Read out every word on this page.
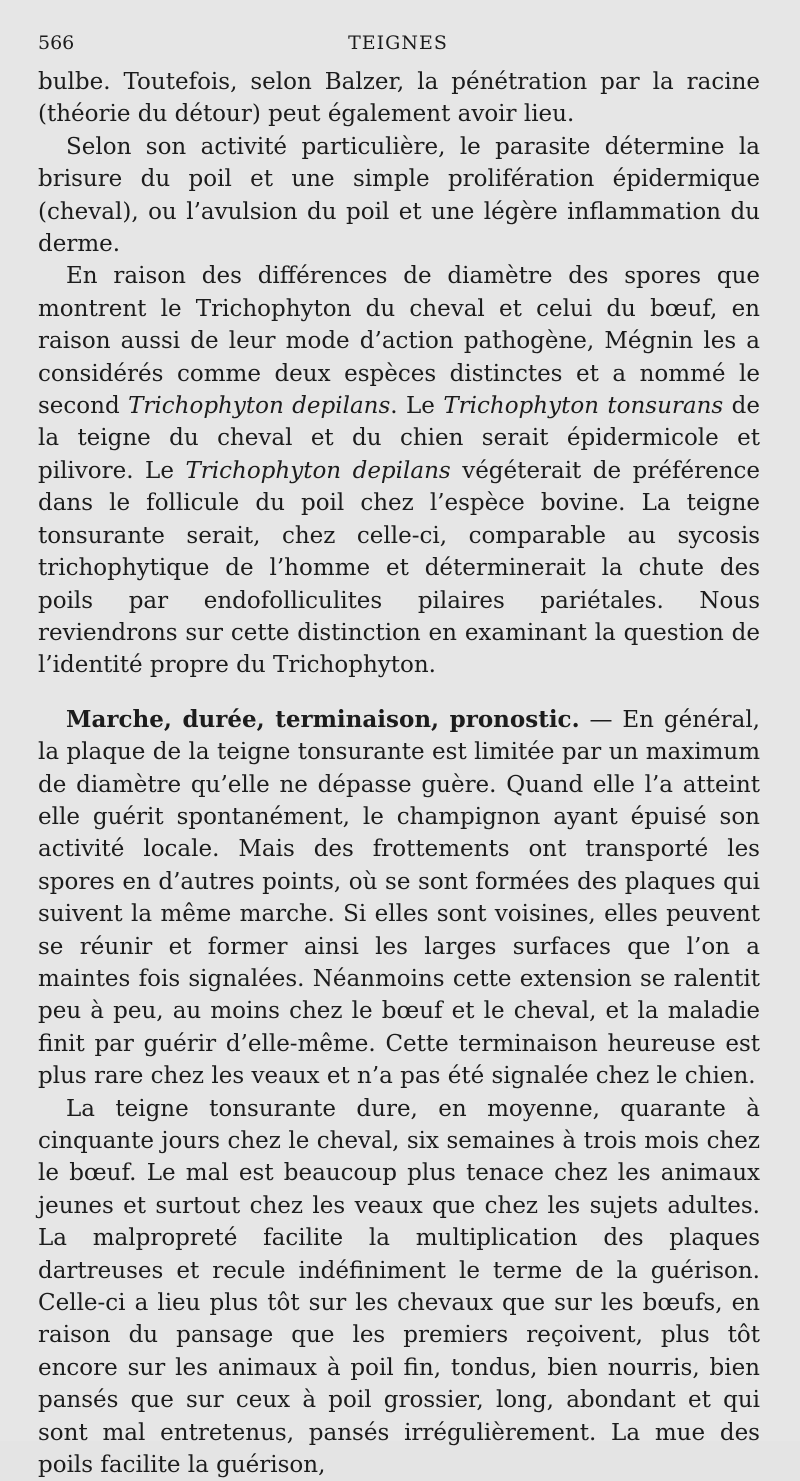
566	TEIGNES

bulbe. Toutefois, selon Balzer, la pénétration par la racine (théorie du détour) peut également avoir lieu.

Selon son activité particulière, le parasite détermine la brisure du poil et une simple prolifération épidermique (cheval), ou l’avulsion du poil et une légère inflammation du derme.

En raison des différences de diamètre des spores que montrent le Trichophyton du cheval et celui du bœuf, en raison aussi de leur mode d’action pathogène, Mégnin les a considérés comme deux espèces distinctes et a nommé le second Trichophyton depilans. Le Trichophyton tonsurans de la teigne du cheval et du chien serait épidermicole et pilivore. Le Trichophyton depilans végéterait de préférence dans le follicule du poil chez l’espèce bovine. La teigne tonsurante serait, chez celle-ci, comparable au sycosis trichophytique de l’homme et déterminerait la chute des poils par endofolliculites pilaires pariétales. Nous reviendrons sur cette distinction en examinant la question de l’identité propre du Trichophyton.

Marche, durée, terminaison, pronostic. — En général, la plaque de la teigne tonsurante est limitée par un maximum de diamètre qu’elle ne dépasse guère. Quand elle l’a atteint elle guérit spontanément, le champignon ayant épuisé son activité locale. Mais des frottements ont transporté les spores en d’autres points, où se sont formées des plaques qui suivent la même marche. Si elles sont voisines, elles peuvent se réunir et former ainsi les larges surfaces que l’on a maintes fois signalées. Néanmoins cette extension se ralentit peu à peu, au moins chez le bœuf et le cheval, et la maladie finit par guérir d’elle-même. Cette terminaison heureuse est plus rare chez les veaux et n’a pas été signalée chez le chien.

La teigne tonsurante dure, en moyenne, quarante à cinquante jours chez le cheval, six semaines à trois mois chez le bœuf. Le mal est beaucoup plus tenace chez les animaux jeunes et surtout chez les veaux que chez les sujets adultes. La malpropreté facilite la multiplication des plaques dartreuses et recule indéfiniment le terme de la guérison. Celle-ci a lieu plus tôt sur les chevaux que sur les bœufs, en raison du pansage que les premiers reçoivent, plus tôt encore sur les animaux à poil fin, tondus, bien nourris, bien pansés que sur ceux à poil grossier, long, abondant et qui sont mal entretenus, pansés irrégulièrement. La mue des poils facilite la guérison,
